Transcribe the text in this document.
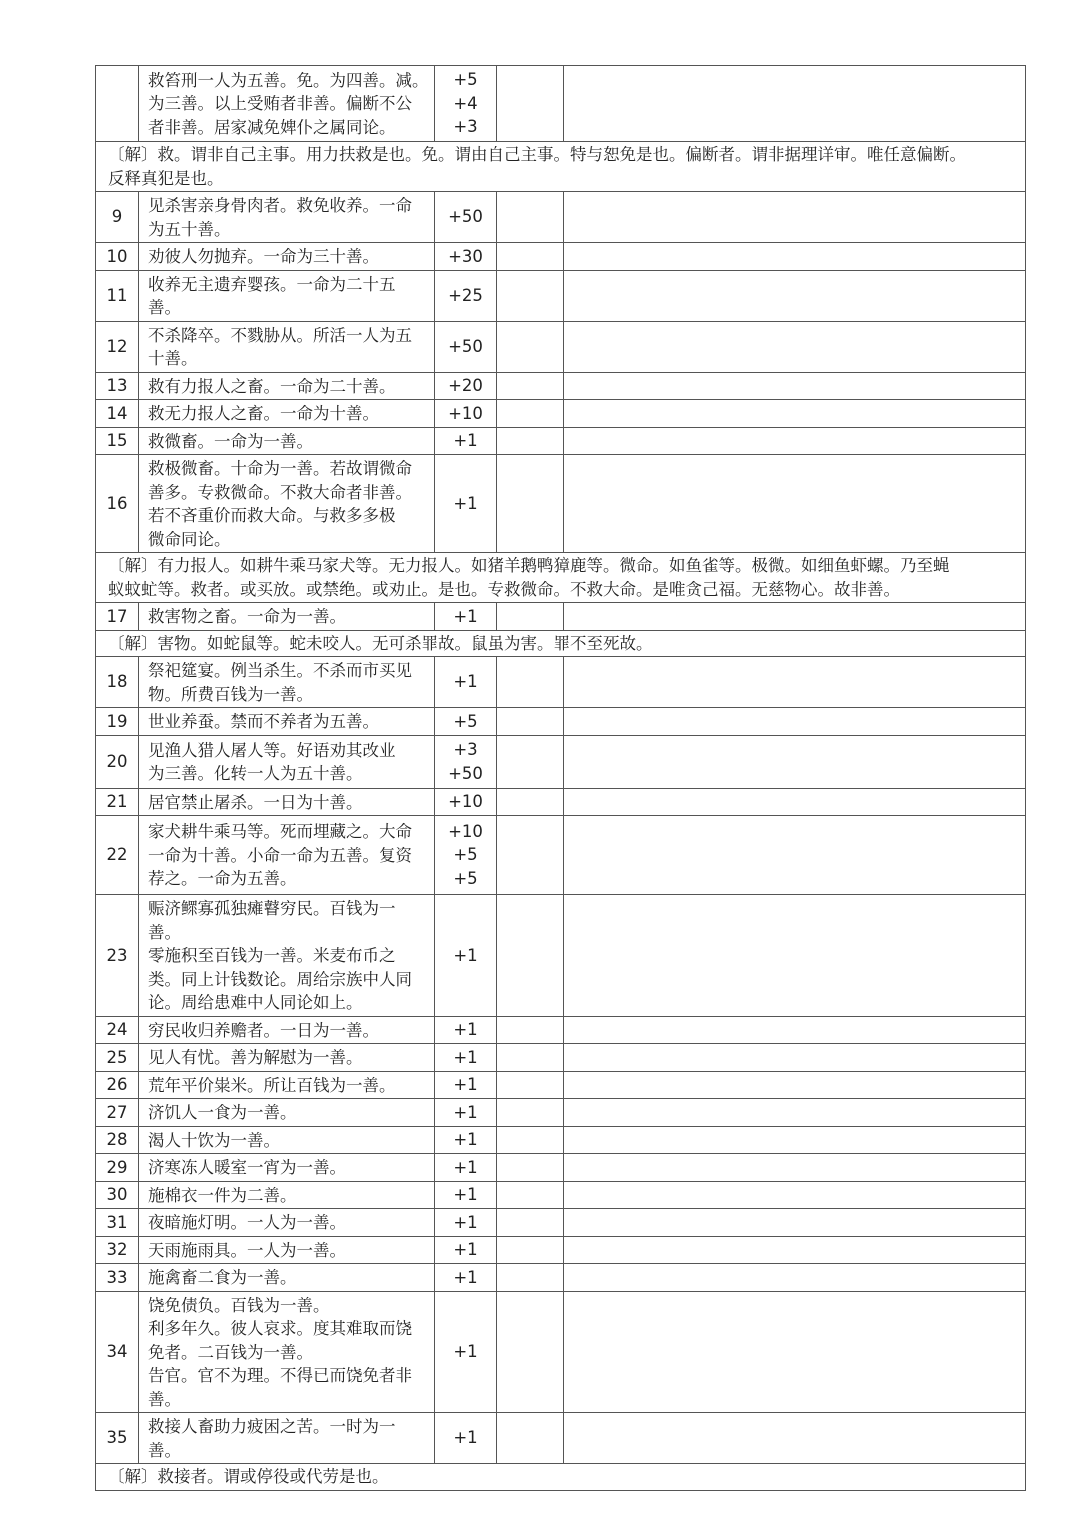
	救笞刑一人为五善。免。为四善。减。
为三善。以上受贿者非善。偏断不公
者非善。居家减免婢仆之属同论。	+5
+4
+3		

〔解〕救。谓非自己主事。用力扶救是也。免。谓由自己主事。特与恕免是也。偏断者。谓非据理详审。唯任意偏断。
反释真犯是也。				

9	见杀害亲身骨肉者。救免收养。一命
为五十善。	+50		

10	劝彼人勿抛弃。一命为三十善。	+30		

11	收养无主遗弃婴孩。一命为二十五
善。	+25		

12	不杀降卒。不戮胁从。所活一人为五
十善。	+50		

13	救有力报人之畜。一命为二十善。	+20		

14	救无力报人之畜。一命为十善。	+10		

15	救微畜。一命为一善。	+1		

16	救极微畜。十命为一善。若故谓微命
善多。专救微命。不救大命者非善。
若不吝重价而救大命。与救多多极
微命同论。	+1		

〔解〕有力报人。如耕牛乘马家犬等。无力报人。如猪羊鹅鸭獐鹿等。微命。如鱼雀等。极微。如细鱼虾螺。乃至蝇
蚁蚊虻等。救者。或买放。或禁绝。或劝止。是也。专救微命。不救大命。是唯贪己福。无慈物心。故非善。				

17	救害物之畜。一命为一善。	+1		

〔解〕害物。如蛇鼠等。蛇未咬人。无可杀罪故。鼠虽为害。罪不至死故。				

18	祭祀筵宴。例当杀生。不杀而市买见
物。所费百钱为一善。	+1		

19	世业养蚕。禁而不养者为五善。	+5		

20	见渔人猎人屠人等。好语劝其改业
为三善。化转一人为五十善。	+3
+50		

21	居官禁止屠杀。一日为十善。	+10		

22	家犬耕牛乘马等。死而埋藏之。大命
一命为十善。小命一命为五善。复资
荐之。一命为五善。	+10
+5
+5		

23	赈济鳏寡孤独瘫瞽穷民。百钱为一
善。
零施积至百钱为一善。米麦布币之
类。同上计钱数论。周给宗族中人同
论。周给患难中人同论如上。	+1		

24	穷民收归养赡者。一日为一善。	+1		

25	见人有忧。善为解慰为一善。	+1		

26	荒年平价粜米。所让百钱为一善。	+1		

27	济饥人一食为一善。	+1		

28	渴人十饮为一善。	+1		

29	济寒冻人暖室一宵为一善。	+1		

30	施棉衣一件为二善。	+1		

31	夜暗施灯明。一人为一善。	+1		

32	天雨施雨具。一人为一善。	+1		

33	施禽畜二食为一善。	+1		

34	饶免债负。百钱为一善。
利多年久。彼人哀求。度其难取而饶
免者。二百钱为一善。
告官。官不为理。不得已而饶免者非
善。	+1		

35	救接人畜助力疲困之苦。一时为一
善。	+1		

〔解〕救接者。谓或停役或代劳是也。				
